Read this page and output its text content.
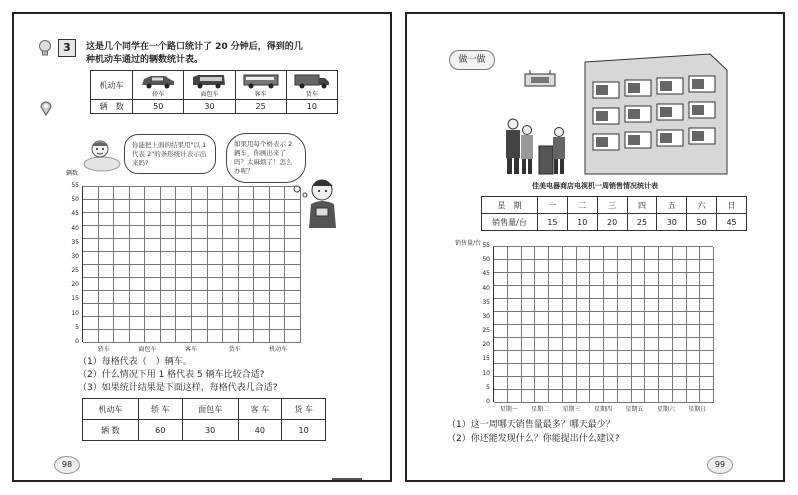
3	这是几个同学在一个路口统计了 20 分钟后，得到的几
种机动车通过的辆数统计表。
机动车	轿车	面包车	客车	货车

辆　数	50	30	25	10
你能把上面的结果用"以 1 代表 2"的条形统计表示出来吗?
如果用每个格表示 2 辆车，你画出来了吗？太麻烦了！怎么办呢？
辆数
55
50
45
40
35
30
25
20
15
10
5
0
轿车	面包车	客车	货车	机动车
（1）每格代表（　）辆车。
（2）什么情况下用 1 格代表 5 辆车比较合适?
（3）如果统计结果是下面这样，每格代表几合适?
机动车	轿 车	面包车	客 车	货 车
辆 数	60	30	40	10
98
做一做
佳美电器商店电视机一周销售情况统计表
星　期	一	二	三	四	五	六	日
销售量/台	15	10	20	25	30	50	45
销售量/台 55
50
45
40
35
30
25
20
15
10
5
0
星期一	星期二	星期三	星期四	星期五	星期六	星期日
（1）这一周哪天销售量最多？哪天最少？
（2）你还能发现什么？你能提出什么建议?
99
